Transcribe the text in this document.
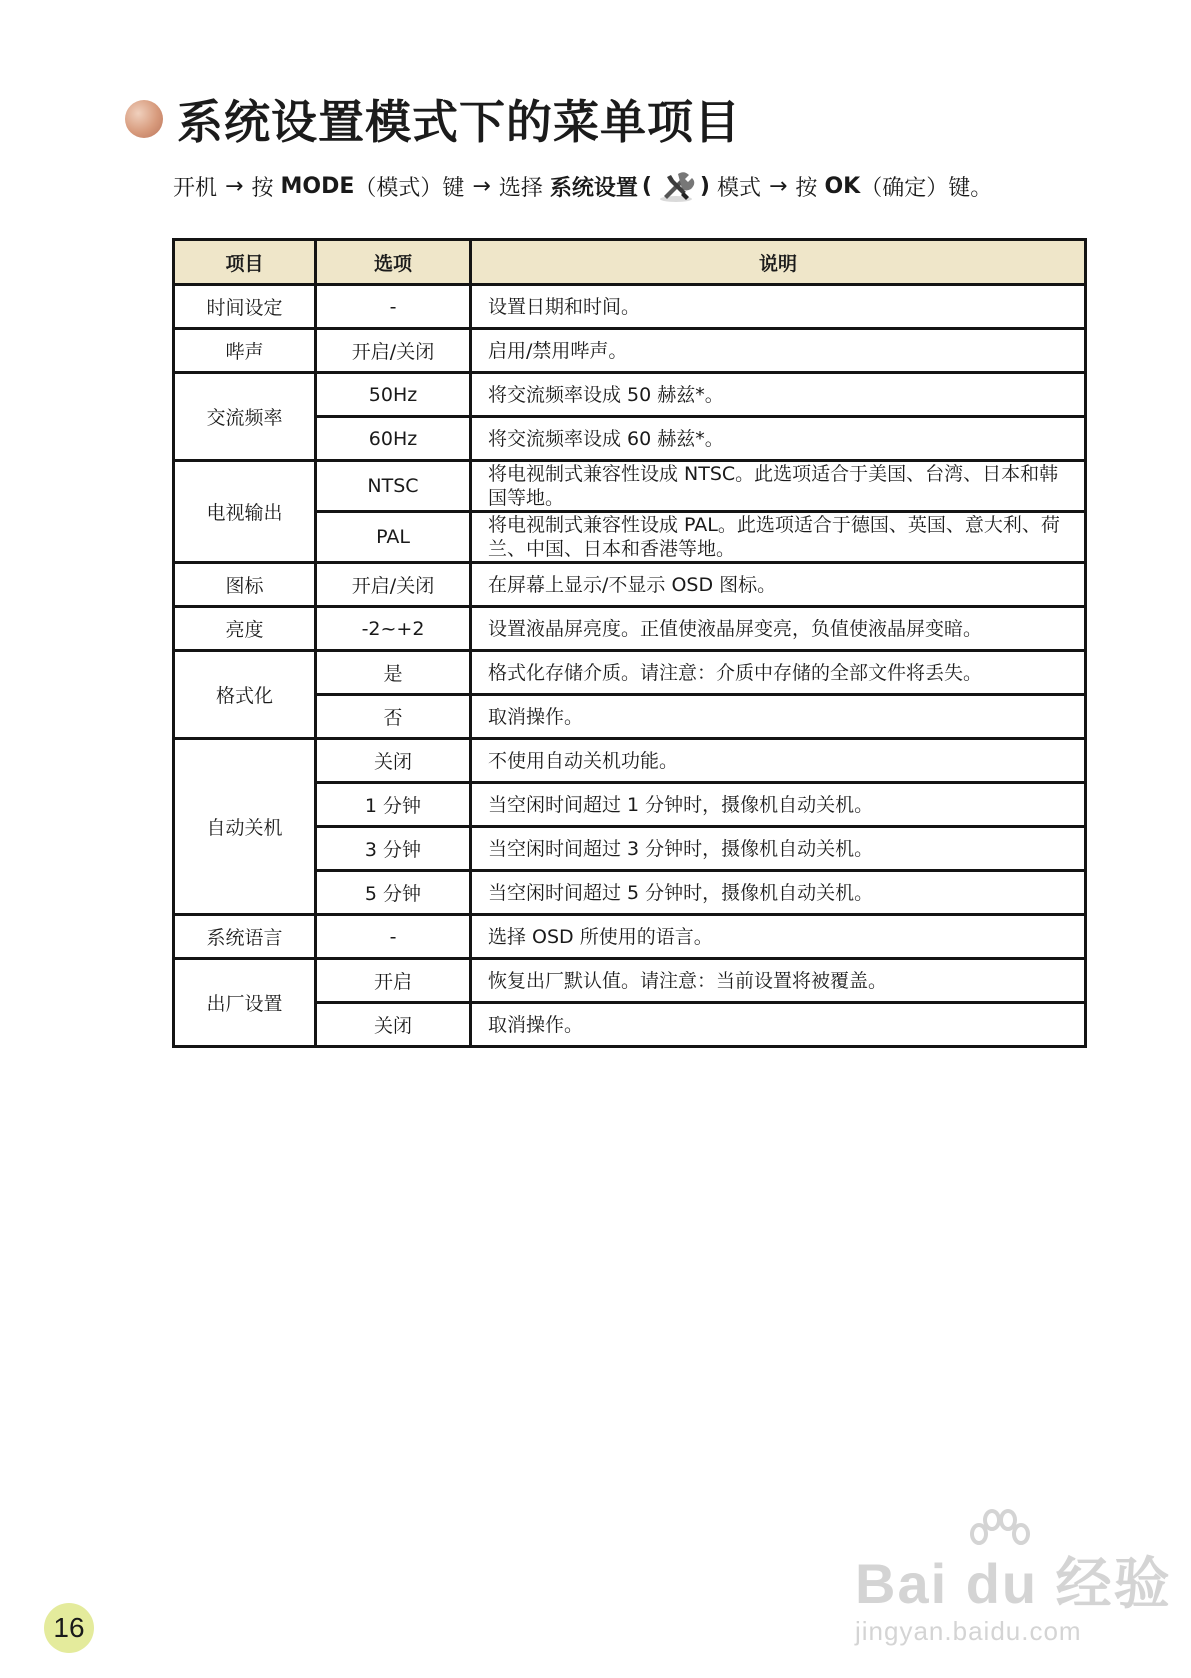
系统设置模式下的菜单项目
开机 → 按
MODE （模式）键 → 选择
系统设置 ( )
模式 → 按
OK （确定）键。
项目	选项	说明
时间设定	-	设置日期和时间。
哔声	开启/关闭	启用/禁用哔声。
交流频率	50Hz	将交流频率设成 50 赫兹*。
	60Hz	将交流频率设成 60 赫兹*。
电视输出	NTSC	将电视制式兼容性设成 NTSC。此选项适合于美国、台湾、日本和韩国等地。
	PAL	将电视制式兼容性设成 PAL。此选项适合于德国、英国、意大利、荷兰、中国、日本和香港等地。
图标	开启/关闭	在屏幕上显示/不显示 OSD 图标。
亮度	-2~+2	设置液晶屏亮度。正值使液晶屏变亮，负值使液晶屏变暗。
格式化	是	格式化存储介质。请注意：介质中存储的全部文件将丢失。
	否	取消操作。
自动关机	关闭	不使用自动关机功能。
	1 分钟	当空闲时间超过 1 分钟时，摄像机自动关机。
	3 分钟	当空闲时间超过 3 分钟时，摄像机自动关机。
	5 分钟	当空闲时间超过 5 分钟时，摄像机自动关机。
系统语言	-	选择 OSD 所使用的语言。
出厂设置	开启	恢复出厂默认值。请注意：当前设置将被覆盖。
	关闭	取消操作。
Bai du 经验
jingyan.baidu.com
16
